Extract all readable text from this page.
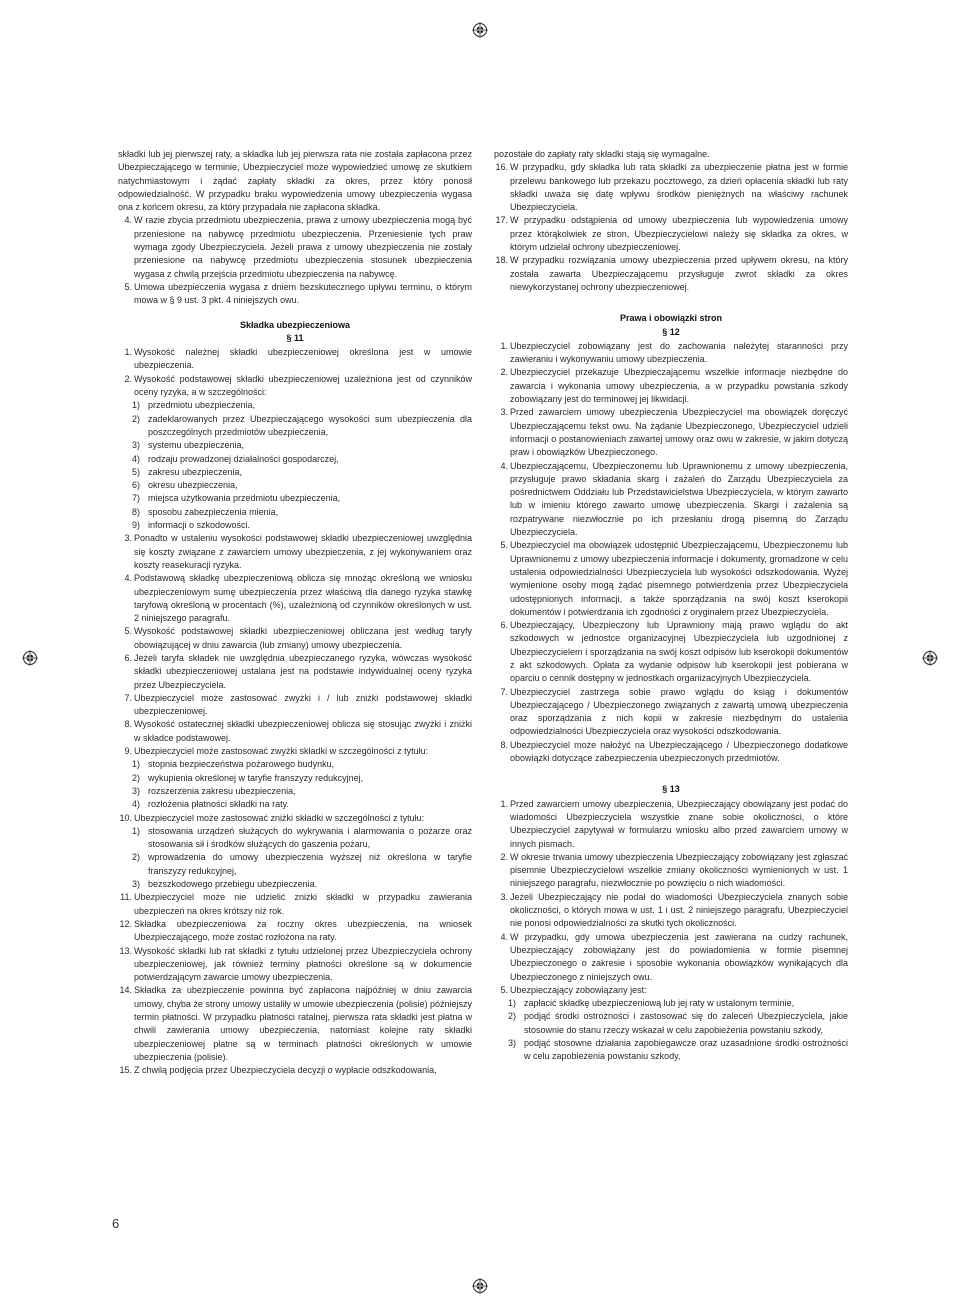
składki lub jej pierwszej raty, a składka lub jej pierwsza rata nie została zapłacona przez Ubezpieczającego w terminie, Ubezpieczyciel może wypowiedzieć umowę ze skutkiem natychmiastowym i żądać zapłaty składki za okres, przez który ponosił odpowiedzialność. W przypadku braku wypowiedzenia umowy ubezpieczenia wygasa ona z końcem okresu, za który przypadała nie zapłacona składka.

4. W razie zbycia przedmiotu ubezpieczenia, prawa z umowy ubezpieczenia mogą być przeniesione na nabywcę przedmiotu ubezpieczenia. Przeniesienie tych praw wymaga zgody Ubezpieczyciela. Jeżeli prawa z umowy ubezpieczenia nie zostały przeniesione na nabywcę przedmiotu ubezpieczenia stosunek ubezpieczenia wygasa z chwilą przejścia przedmiotu ubezpieczenia na nabywcę.
5. Umowa ubezpieczenia wygasa z dniem bezskutecznego upływu terminu, o którym mowa w § 9 ust. 3 pkt. 4 niniejszych owu.

Składka ubezpieczeniowa

§ 11

1. Wysokość należnej składki ubezpieczeniowej określona jest w umowie ubezpieczenia.
2. Wysokość podstawowej składki ubezpieczeniowej uzależniona jest od czynników oceny ryzyka, a w szczególności:
1) przedmiotu ubezpieczenia,
2) zadeklarowanych przez Ubezpieczającego wysokości sum ubezpieczenia dla poszczególnych przedmiotów ubezpieczenia,
3) systemu ubezpieczenia,
4) rodzaju prowadzonej działalności gospodarczej,
5) zakresu ubezpieczenia,
6) okresu ubezpieczenia,
7) miejsca użytkowania przedmiotu ubezpieczenia,
8) sposobu zabezpieczenia mienia,
9) informacji o szkodowości.
3. Ponadto w ustaleniu wysokości podstawowej składki ubezpieczeniowej uwzględnia się koszty związane z zawarciem umowy ubezpieczenia, z jej wykonywaniem oraz koszty reasekuracji ryzyka.
4. Podstawową składkę ubezpieczeniową oblicza się mnożąc określoną we wniosku ubezpieczeniowym sumę ubezpieczenia przez właściwą dla danego ryzyka stawkę taryfową określoną w procentach (%), uzależnioną od czynników określonych w ust. 2 niniejszego paragrafu.
5. Wysokość podstawowej składki ubezpieczeniowej obliczana jest według taryfy obowiązującej w dniu zawarcia (lub zmiany) umowy ubezpieczenia.
6. Jeżeli taryfa składek nie uwzględnia ubezpieczanego ryzyka, wówczas wysokość składki ubezpieczeniowej ustalana jest na podstawie indywidualnej oceny ryzyka przez Ubezpieczyciela.
7. Ubezpieczyciel może zastosować zwyżki i / lub zniżki podstawowej składki ubezpieczeniowej.
8. Wysokość ostatecznej składki ubezpieczeniowej oblicza się stosując zwyżki i zniżki w składce podstawowej.
9. Ubezpieczyciel może zastosować zwyżki składki w szczególności z tytułu:
1) stopnia bezpieczeństwa pożarowego budynku,
2) wykupienia określonej w taryfie franszyzy redukcyjnej,
3) rozszerzenia zakresu ubezpieczenia,
4) rozłożenia płatności składki na raty.
10. Ubezpieczyciel może zastosować zniżki składki w szczególności z tytułu:
1) stosowania urządzeń służących do wykrywania i alarmowania o pożarze oraz stosowania sił i środków służących do gaszenia pożaru,
2) wprowadzenia do umowy ubezpieczenia wyższej niż określona w taryfie franszyzy redukcyjnej,
3) bezszkodowego przebiegu ubezpieczenia.
11. Ubezpieczyciel może nie udzielić zniżki składki w przypadku zawierania ubezpieczeń na okres krótszy niż rok.
12. Składka ubezpieczeniowa za roczny okres ubezpieczenia, na wniosek Ubezpieczającego, może zostać rozłożona na raty.
13. Wysokość składki lub rat składki z tytułu udzielonej przez Ubezpieczyciela ochrony ubezpieczeniowej, jak również terminy płatności określone są w dokumencie potwierdzającym zawarcie umowy ubezpieczenia.
14. Składka za ubezpieczenie powinna być zapłacona najpóźniej w dniu zawarcia umowy, chyba że strony umowy ustaliły w umowie ubezpieczenia (polisie) późniejszy termin płatności. W przypadku płatności ratalnej, pierwsza rata składki jest płatna w chwili zawierania umowy ubezpieczenia, natomiast kolejne raty składki ubezpieczeniowej płatne są w terminach płatności określonych w umowie ubezpieczenia (polisie).
15. Z chwilą podjęcia przez Ubezpieczyciela decyzji o wypłacie odszkodowania,

pozostałe do zapłaty raty składki stają się wymagalne.

16. W przypadku, gdy składka lub rata składki za ubezpieczenie płatna jest w formie przelewu bankowego lub przekazu pocztowego, za dzień opłacenia składki lub raty składki uważa się datę wpływu środków pieniężnych na właściwy rachunek Ubezpieczyciela.
17. W przypadku odstąpienia od umowy ubezpieczenia lub wypowiedzenia umowy przez którąkolwiek ze stron, Ubezpieczycielowi należy się składka za okres, w którym udzielał ochrony ubezpieczeniowej.
18. W przypadku rozwiązania umowy ubezpieczenia przed upływem okresu, na który została zawarta Ubezpieczającemu przysługuje zwrot składki za okres niewykorzystanej ochrony ubezpieczeniowej.

Prawa i obowiązki stron

§ 12

1. Ubezpieczyciel zobowiązany jest do zachowania należytej staranności przy zawieraniu i wykonywaniu umowy ubezpieczenia.
2. Ubezpieczyciel przekazuje Ubezpieczającemu wszelkie informacje niezbędne do zawarcia i wykonania umowy ubezpieczenia, a w przypadku powstania szkody zobowiązany jest do terminowej jej likwidacji.
3. Przed zawarciem umowy ubezpieczenia Ubezpieczyciel ma obowiązek doręczyć Ubezpieczającemu tekst owu. Na żądanie Ubezpieczonego, Ubezpieczyciel udzieli informacji o postanowieniach zawartej umowy oraz owu w zakresie, w jakim dotyczą praw i obowiązków Ubezpieczonego.
4. Ubezpieczającemu, Ubezpieczonemu lub Uprawnionemu z umowy ubezpieczenia, przysługuje prawo składania skarg i zażaleń do Zarządu Ubezpieczyciela za pośrednictwem Oddziału lub Przedstawicielstwa Ubezpieczyciela, w którym zawarto lub w imieniu którego zawarto umowę ubezpieczenia. Skargi i zażalenia są rozpatrywane niezwłocznie po ich przesłaniu drogą pisemną do Zarządu Ubezpieczyciela.
5. Ubezpieczyciel ma obowiązek udostępnić Ubezpieczającemu, Ubezpieczonemu lub Uprawnionemu z umowy ubezpieczenia informacje i dokumenty, gromadzone w celu ustalenia odpowiedzialności Ubezpieczyciela lub wysokości odszkodowania. Wyżej wymienione osoby mogą żądać pisemnego potwierdzenia przez Ubezpieczyciela udostępnionych informacji, a także sporządzania na swój koszt kserokopii dokumentów i potwierdzania ich zgodności z oryginałem przez Ubezpieczyciela.
6. Ubezpieczający, Ubezpieczony lub Uprawniony mają prawo wglądu do akt szkodowych w jednostce organizacyjnej Ubezpieczyciela lub uzgodnionej z Ubezpieczycielem i sporządzania na swój koszt odpisów lub kserokopii dokumentów z akt szkodowych. Opłata za wydanie odpisów lub kserokopii jest pobierana w oparciu o cennik dostępny w jednostkach organizacyjnych Ubezpieczyciela.
7. Ubezpieczyciel zastrzega sobie prawo wglądu do ksiąg i dokumentów Ubezpieczającego / Ubezpieczonego związanych z zawartą umową ubezpieczenia oraz sporządzania z nich kopii w zakresie niezbędnym do ustalenia odpowiedzialności Ubezpieczyciela oraz wysokości odszkodowania.
8. Ubezpieczyciel może nałożyć na Ubezpieczającego / Ubezpieczonego dodatkowe obowiązki dotyczące zabezpieczenia ubezpieczonych przedmiotów.

§ 13

1. Przed zawarciem umowy ubezpieczenia, Ubezpieczający obowiązany jest podać do wiadomości Ubezpieczyciela wszystkie znane sobie okoliczności, o które Ubezpieczyciel zapytywał w formularzu wniosku albo przed zawarciem umowy w innych pismach.
2. W okresie trwania umowy ubezpieczenia Ubezpieczający zobowiązany jest zgłaszać pisemnie Ubezpieczycielowi wszelkie zmiany okoliczności wymienionych w ust. 1 niniejszego paragrafu, niezwłocznie po powzięciu o nich wiadomości.
3. Jeżeli Ubezpieczający nie podał do wiadomości Ubezpieczyciela znanych sobie okoliczności, o których mowa w ust. 1 i ust. 2 niniejszego paragrafu, Ubezpieczyciel nie ponosi odpowiedzialności za skutki tych okoliczności.
4. W przypadku, gdy umowa ubezpieczenia jest zawierana na cudzy rachunek, Ubezpieczający zobowiązany jest do powiadomienia w formie pisemnej Ubezpieczonego o zakresie i sposobie wykonania obowiązków wynikających dla Ubezpieczonego z niniejszych owu.
5. Ubezpieczający zobowiązany jest:
1) zapłacić składkę ubezpieczeniową lub jej raty w ustalonym terminie,
2) podjąć środki ostrożności i zastosować się do zaleceń Ubezpieczyciela, jakie stosownie do stanu rzeczy wskazał w celu zapobieżenia powstaniu szkody,
3) podjąć stosowne działania zapobiegawcze oraz uzasadnione środki ostrożności w celu zapobieżenia powstaniu szkody,
6
